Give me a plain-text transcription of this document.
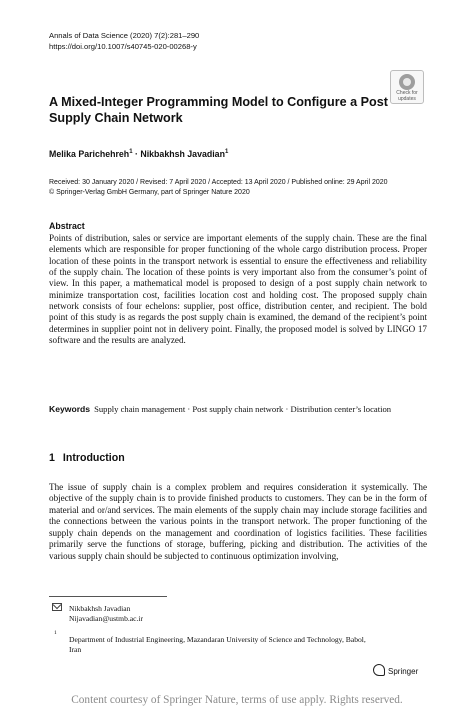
Annals of Data Science (2020) 7(2):281–290
https://doi.org/10.1007/s40745-020-00268-y
Check for
updates
A Mixed-Integer Programming Model to Configure a Post Supply Chain Network
Melika Parichehreh$^1$ · Nikbakhsh Javadian$^1$
Received: 30 January 2020 / Revised: 7 April 2020 / Accepted: 13 April 2020 / Published online: 29 April 2020
© Springer-Verlag GmbH Germany, part of Springer Nature 2020
Abstract
Points of distribution, sales or service are important elements of the supply chain. These are the final elements which are responsible for proper functioning of the whole cargo distribution process. Proper location of these points in the transport network is essential to ensure the effectiveness and reliability of the supply chain. The location of these points is very important also from the consumer’s point of view. In this paper, a mathematical model is proposed to design of a post supply chain network to minimize transportation cost, facilities location cost and holding cost. The proposed supply chain network consists of four echelons: supplier, post office, distribution center, and recipient. The bold point of this study is as regards the post supply chain is examined, the demand of the recipient’s point determines in supplier point not in delivery point. Finally, the proposed model is solved by LINGO 17 software and the results are analyzed.
Keywords Supply chain management · Post supply chain network · Distribution center’s location
1 Introduction
The issue of supply chain is a complex problem and requires consideration it systemically. The objective of the supply chain is to provide finished products to customers. They can be in the form of material and or/and services. The main elements of the supply chain may include storage facilities and the connections between the various points in the transport network. The proper functioning of the supply chain depends on the management and coordination of logistics facilities. These facilities primarily serve the functions of storage, buffering, picking and distribution. The activities of the various supply chain should be subjected to continuous optimization involving,
Nikbakhsh Javadian
Nijavadian@ustmb.ac.ir
1
Department of Industrial Engineering, Mazandaran University of Science and Technology, Babol, Iran
Springer
Content courtesy of Springer Nature, terms of use apply. Rights reserved.
